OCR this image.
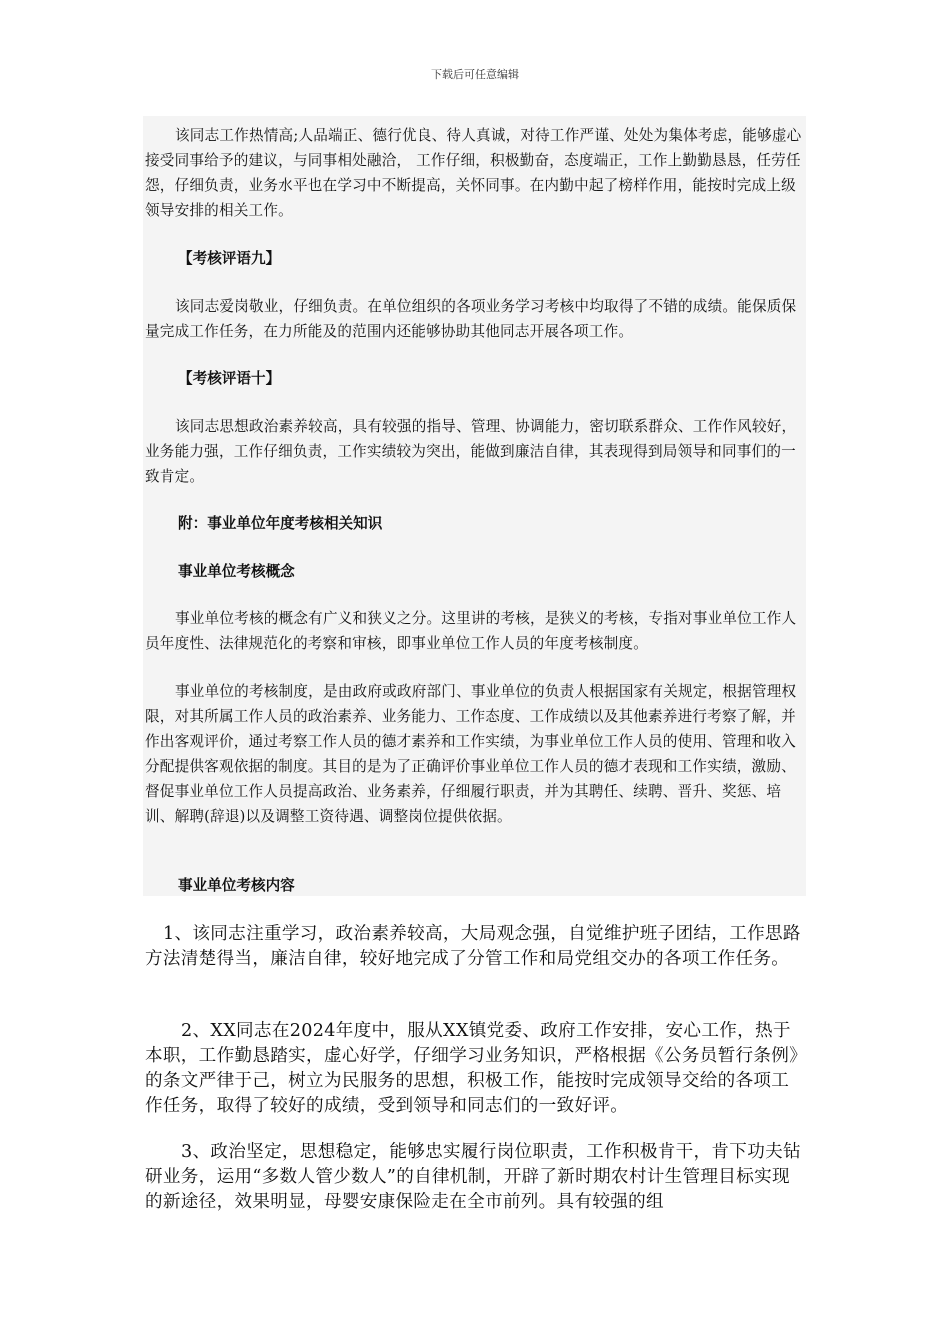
下载后可任意编辑

该同志工作热情高;人品端正、德行优良、待人真诚，对待工作严谨、处处为集体考虑，能够虚心接受同事给予的建议，与同事相处融洽， 工作仔细，积极勤奋，态度端正，工作上勤勤恳恳，任劳任怨，仔细负责，业务水平也在学习中不断提高，关怀同事。在内勤中起了榜样作用，能按时完成上级领导安排的相关工作。

【考核评语九】

该同志爱岗敬业，仔细负责。在单位组织的各项业务学习考核中均取得了不错的成绩。能保质保量完成工作任务，在力所能及的范围内还能够协助其他同志开展各项工作。

【考核评语十】

该同志思想政治素养较高，具有较强的指导、管理、协调能力，密切联系群众、工作作风较好，业务能力强，工作仔细负责，工作实绩较为突出，能做到廉洁自律，其表现得到局领导和同事们的一致肯定。

附：事业单位年度考核相关知识
事业单位考核概念

事业单位考核的概念有广义和狭义之分。这里讲的考核，是狭义的考核，专指对事业单位工作人员年度性、法律规范化的考察和审核，即事业单位工作人员的年度考核制度。

事业单位的考核制度，是由政府或政府部门、事业单位的负责人根据国家有关规定，根据管理权限，对其所属工作人员的政治素养、业务能力、工作态度、工作成绩以及其他素养进行考察了解，并作出客观评价，通过考察工作人员的德才素养和工作实绩，为事业单位工作人员的使用、管理和收入分配提供客观依据的制度。其目的是为了正确评价事业单位工作人员的德才表现和工作实绩，激励、督促事业单位工作人员提高政治、业务素养，仔细履行职责，并为其聘任、续聘、晋升、奖惩、培训、解聘(辞退)以及调整工资待遇、调整岗位提供依据。

事业单位考核内容

1、该同志注重学习，政治素养较高，大局观念强，自觉维护班子团结，工作思路方法清楚得当，廉洁自律，较好地完成了分管工作和局党组交办的各项工作任务。

2、XX同志在2024年度中，服从XX镇党委、政府工作安排，安心工作，热于本职，工作勤恳踏实，虚心好学，仔细学习业务知识，严格根据《公务员暂行条例》的条文严律于己，树立为民服务的思想，积极工作，能按时完成领导交给的各项工作任务，取得了较好的成绩，受到领导和同志们的一致好评。

3、政治坚定，思想稳定，能够忠实履行岗位职责，工作积极肯干，肯下功夫钻研业务，运用“多数人管少数人”的自律机制，开辟了新时期农村计生管理目标实现的新途径，效果明显，母婴安康保险走在全市前列。具有较强的组
